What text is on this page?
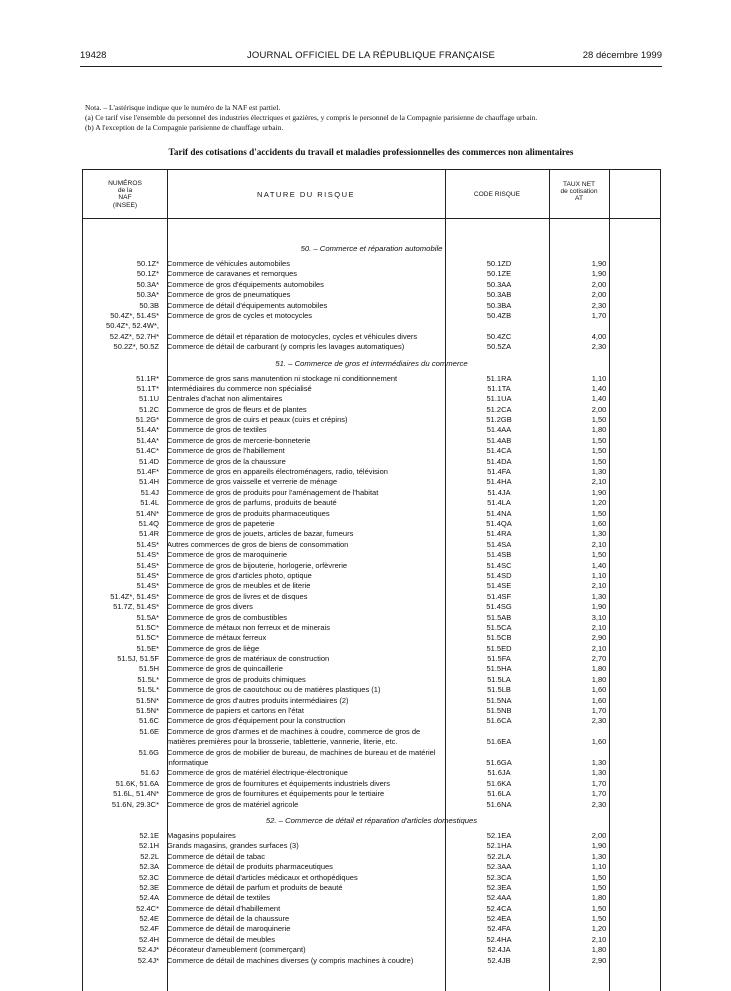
19428	JOURNAL OFFICIEL DE LA RÉPUBLIQUE FRANÇAISE	28 décembre 1999
Nota. – L'astérisque indique que le numéro de la NAF est partiel.
(a) Ce tarif vise l'ensemble du personnel des industries électriques et gazières, y compris le personnel de la Compagnie parisienne de chauffage urbain.
(b) A l'exception de la Compagnie parisienne de chauffage urbain.
Tarif des cotisations d'accidents du travail et maladies professionnelles des commerces non alimentaires
NUMÉROS
de la
NAF
(INSEE)
NATURE DU RISQUE	CODE RISQUE
TAUX NET
de cotisation
AT
50. – Commerce et réparation automobile
50.1Z* Commerce de véhicules automobiles	50.1ZD	1,90
50.1Z* Commerce de caravanes et remorques	50.1ZE	1,90
50.3A* Commerce de gros d'équipements automobiles	50.3AA	2,00
50.3A* Commerce de gros de pneumatiques	50.3AB	2,00
50.3B Commerce de détail d'équipements automobiles	50.3BA	2,30
50.4Z*, 51.4S* Commerce de gros de cycles et motocycles	50.4ZB	1,70
50.4Z*, 52.4W*,
52.4Z*, 52.7H* Commerce de détail et réparation de motocycles, cycles et véhicules divers	50.4ZC	4,00
50.2Z*, 50.5Z Commerce de détail de carburant (y compris les lavages automatiques)	50.5ZA	2,30
51. – Commerce de gros et intermédiaires du commerce
51.1R* Commerce de gros sans manutention ni stockage ni conditionnement	51.1RA	1,10
51.1T* Intermédiaires du commerce non spécialisé	51.1TA	1,40
51.1U Centrales d'achat non alimentaires	51.1UA	1,40
51.2C Commerce de gros de fleurs et de plantes	51.2CA	2,00
51.2G* Commerce de gros de cuirs et peaux (cuirs et crépins)	51.2GB	1,50
51.4A* Commerce de gros de textiles	51.4AA	1,80
51.4A* Commerce de gros de mercerie-bonneterie	51.4AB	1,50
51.4C* Commerce de gros de l'habillement	51.4CA	1,50
51.4D Commerce de gros de la chaussure	51.4DA	1,50
51.4F* Commerce de gros en appareils électroménagers, radio, télévision	51.4FA	1,30
51.4H Commerce de gros vaisselle et verrerie de ménage	51.4HA	2,10
51.4J Commerce de gros de produits pour l'aménagement de l'habitat	51.4JA	1,90
51.4L Commerce de gros de parfums, produits de beauté	51.4LA	1,20
51.4N* Commerce de gros de produits pharmaceutiques	51.4NA	1,50
51.4Q Commerce de gros de papeterie	51.4QA	1,60
51.4R Commerce de gros de jouets, articles de bazar, fumeurs	51.4RA	1,30
51.4S* Autres commerces de gros de biens de consommation	51.4SA	2,10
51.4S* Commerce de gros de maroquinerie	51.4SB	1,50
51.4S* Commerce de gros de bijouterie, horlogerie, orfèvrerie	51.4SC	1,40
51.4S* Commerce de gros d'articles photo, optique	51.4SD	1,10
51.4S* Commerce de gros de meubles et de literie	51.4SE	2,10
51.4Z*, 51.4S* Commerce de gros de livres et de disques	51.4SF	1,30
51.7Z, 51.4S* Commerce de gros divers	51.4SG	1,90
51.5A* Commerce de gros de combustibles	51.5AB	3,10
51.5C* Commerce de métaux non ferreux et de minerais	51.5CA	2,10
51.5C* Commerce de métaux ferreux	51.5CB	2,90
51.5E* Commerce de gros de liège	51.5ED	2,10
51.5J, 51.5F Commerce de gros de matériaux de construction	51.5FA	2,70
51.5H Commerce de gros de quincaillerie	51.5HA	1,80
51.5L* Commerce de gros de produits chimiques	51.5LA	1,80
51.5L* Commerce de gros de caoutchouc ou de matières plastiques (1)	51.5LB	1,60
51.5N* Commerce de gros d'autres produits intermédiaires (2)	51.5NA	1,60
51.5N* Commerce de papiers et cartons en l'état	51.5NB	1,70
51.6C Commerce de gros d'équipement pour la construction	51.6CA	2,30
51.6E Commerce de gros d'armes et de machines à coudre, commerce de gros de matières premières pour la brosserie, tabletterie, vannerie, literie, etc.	51.6EA	1,60
51.6G Commerce de gros de mobilier de bureau, de machines de bureau et de matériel informatique	51.6GA	1,30
51.6J Commerce de gros de matériel électrique-électronique	51.6JA	1,30
51.6K, 51.6A Commerce de gros de fournitures et équipements industriels divers	51.6KA	1,70
51.6L, 51.4N* Commerce de gros de fournitures et équipements pour le tertiaire	51.6LA	1,70
51.6N, 29.3C* Commerce de gros de matériel agricole	51.6NA	2,30
52. – Commerce de détail et réparation d'articles domestiques
52.1E Magasins populaires	52.1EA	2,00
52.1H Grands magasins, grandes surfaces (3)	52.1HA	1,90
52.2L Commerce de détail de tabac	52.2LA	1,30
52.3A Commerce de détail de produits pharmaceutiques	52.3AA	1,10
52.3C Commerce de détail d'articles médicaux et orthopédiques	52.3CA	1,50
52.3E Commerce de détail de parfum et produits de beauté	52.3EA	1,50
52.4A Commerce de détail de textiles	52.4AA	1,80
52.4C* Commerce de détail d'habillement	52.4CA	1,50
52.4E Commerce de détail de la chaussure	52.4EA	1,50
52.4F Commerce de détail de maroquinerie	52.4FA	1,20
52.4H Commerce de détail de meubles	52.4HA	2,10
52.4J* Décorateur d'ameublement (commerçant)	52.4JA	1,80
52.4J* Commerce de détail de machines diverses (y compris machines à coudre)	52.4JB	2,90
